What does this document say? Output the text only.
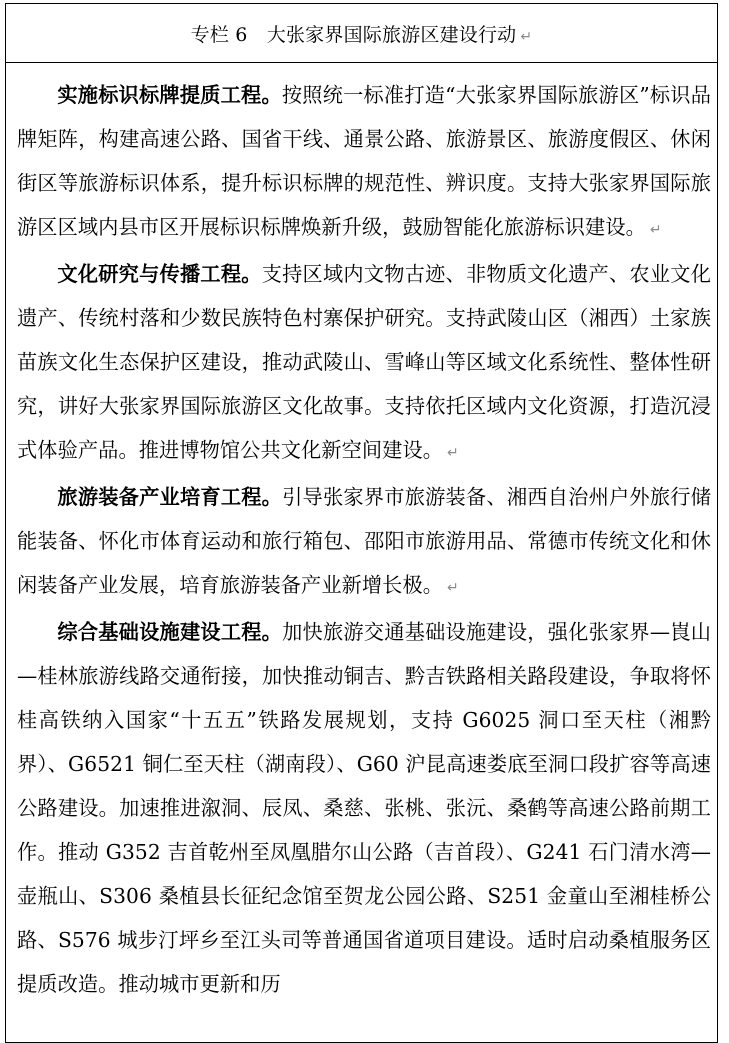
专栏 6　大张家界国际旅游区建设行动 ↵

实施标识标牌提质工程。按照统一标准打造“大张家界国际旅游区”标识品牌矩阵，构建高速公路、国省干线、通景公路、旅游景区、旅游度假区、休闲街区等旅游标识体系，提升标识标牌的规范性、辨识度。支持大张家界国际旅游区区域内县市区开展标识标牌焕新升级，鼓励智能化旅游标识建设。 ↵

文化研究与传播工程。支持区域内文物古迹、非物质文化遗产、农业文化遗产、传统村落和少数民族特色村寨保护研究。支持武陵山区（湘西）土家族苗族文化生态保护区建设，推动武陵山、雪峰山等区域文化系统性、整体性研究，讲好大张家界国际旅游区文化故事。支持依托区域内文化资源，打造沉浸式体验产品。推进博物馆公共文化新空间建设。 ↵

旅游装备产业培育工程。引导张家界市旅游装备、湘西自治州户外旅行储能装备、怀化市体育运动和旅行箱包、邵阳市旅游用品、常德市传统文化和休闲装备产业发展，培育旅游装备产业新增长极。 ↵

综合基础设施建设工程。加快旅游交通基础设施建设，强化张家界—崀山—桂林旅游线路交通衔接，加快推动铜吉、黔吉铁路相关路段建设，争取将怀桂高铁纳入国家“十五五”铁路发展规划，支持 G6025 洞口至天柱（湘黔界）、G6521 铜仁至天柱（湖南段）、G60 沪昆高速娄底至洞口段扩容等高速公路建设。加速推进溆洞、辰凤、桑慈、张桃、张沅、桑鹤等高速公路前期工作。推动 G352 吉首乾州至凤凰腊尔山公路（吉首段）、G241 石门清水湾—壶瓶山、S306 桑植县长征纪念馆至贺龙公园公路、S251 金童山至湘桂桥公路、S576 城步汀坪乡至江头司等普通国省道项目建设。适时启动桑植服务区提质改造。推动城市更新和历
